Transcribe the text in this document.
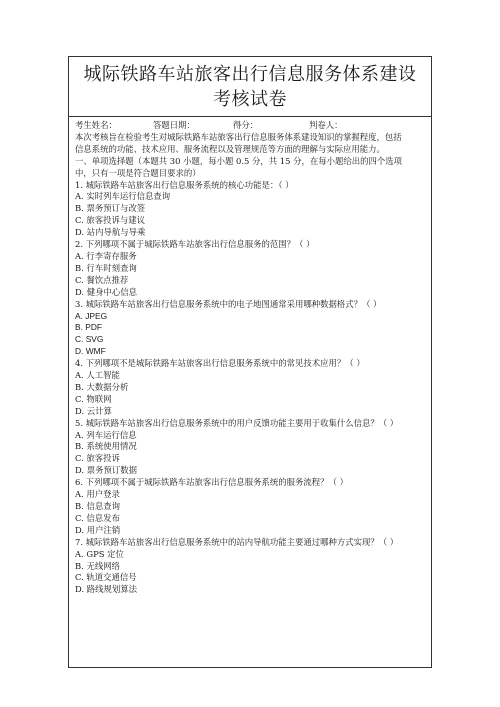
城际铁路车站旅客出行信息服务体系建设
考核试卷
考生姓名：	答题日期：	得分：	判卷人：
本次考核旨在检验考生对城际铁路车站旅客出行信息服务体系建设知识的掌握程度，包括
信息系统的功能、技术应用、服务流程以及管理规范等方面的理解与实际应用能力。
一、单项选择题（本题共 30 小题，每小题 0.5 分，共 15 分，在每小题给出的四个选项
中，只有一项是符合题目要求的）
1. 城际铁路车站旅客出行信息服务系统的核心功能是：（ ）
A. 实时列车运行信息查询
B. 票务预订与改签
C. 旅客投诉与建议
D. 站内导航与导乘
2. 下列哪项不属于城际铁路车站旅客出行信息服务的范围？（ ）
A. 行李寄存服务
B. 行车时刻查询
C. 餐饮点推荐
D. 健身中心信息
3. 城际铁路车站旅客出行信息服务系统中的电子地图通常采用哪种数据格式？（ ）
A. JPEG
B. PDF
C. SVG
D. WMF
4. 下列哪项不是城际铁路车站旅客出行信息服务系统中的常见技术应用？（ ）
A. 人工智能
B. 大数据分析
C. 物联网
D. 云计算
5. 城际铁路车站旅客出行信息服务系统中的用户反馈功能主要用于收集什么信息？（ ）
A. 列车运行信息
B. 系统使用情况
C. 旅客投诉
D. 票务预订数据
6. 下列哪项不属于城际铁路车站旅客出行信息服务系统的服务流程？（ ）
A. 用户登录
B. 信息查询
C. 信息发布
D. 用户注销
7. 城际铁路车站旅客出行信息服务系统中的站内导航功能主要通过哪种方式实现？（ ）
A. GPS 定位
B. 无线网络
C. 轨道交通信号
D. 路线规划算法
